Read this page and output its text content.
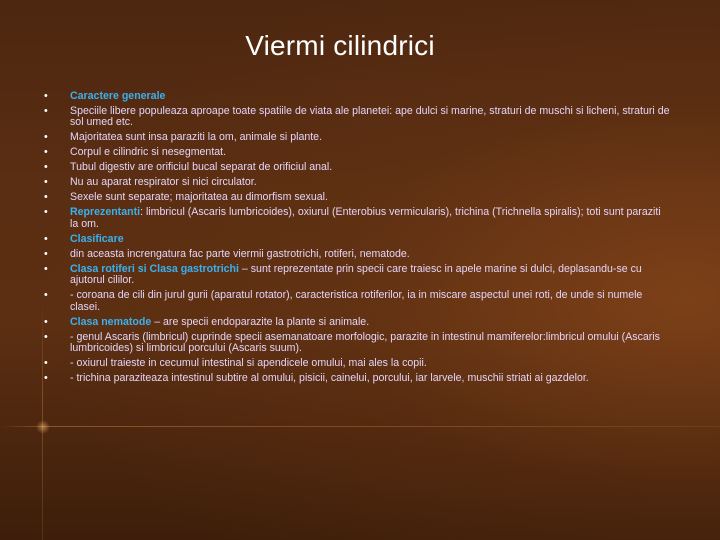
Viermi cilindrici
• Caractere generale
• Speciile libere populeaza aproape toate spatiile de viata ale planetei: ape dulci si marine, straturi de muschi si licheni, straturi de sol umed etc.
• Majoritatea sunt insa paraziti la om, animale si plante.
• Corpul e cilindric si nesegmentat.
• Tubul digestiv are orificiul bucal separat de orificiul anal.
• Nu au aparat respirator si nici circulator.
• Sexele sunt separate; majoritatea au dimorfism sexual.
• Reprezentanti: limbricul (Ascaris lumbricoides), oxiurul (Enterobius vermicularis), trichina (Trichnella spiralis); toti sunt paraziti la om.
• Clasificare
• din aceasta increngatura fac parte viermii gastrotrichi, rotiferi, nematode.
• Clasa rotiferi si Clasa gastrotrichi – sunt reprezentate prin specii care traiesc in apele marine si dulci, deplasandu-se cu ajutorul cililor.
• - coroana de cili din jurul gurii (aparatul rotator), caracteristica rotiferilor, ia in miscare aspectul unei roti, de unde si numele clasei.
• Clasa nematode – are specii endoparazite la plante si animale.
• - genul Ascaris (limbricul) cuprinde specii asemanatoare morfologic, parazite in intestinul mamiferelor:limbricul omului (Ascaris lumbricoides) si limbricul porcului (Ascaris suum).
• - oxiurul traieste in cecumul intestinal si apendicele omului, mai ales la copii.
• - trichina paraziteaza intestinul subtire al omului, pisicii, cainelui, porcului, iar larvele, muschii striati ai gazdelor.
